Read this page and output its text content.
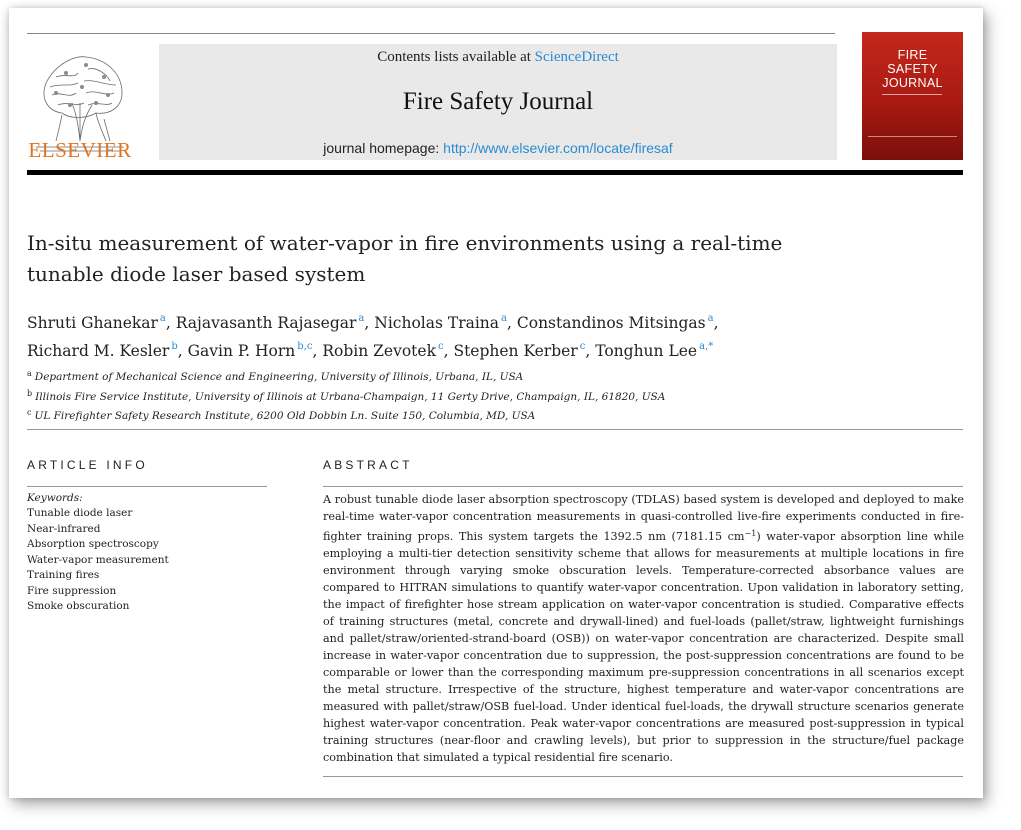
ELSEVIER
Contents lists available at ScienceDirect
Fire Safety Journal
journal homepage: http://www.elsevier.com/locate/firesaf
FIRE
SAFETY
JOURNAL
In-situ measurement of water-vapor in fire environments using a real-time
tunable diode laser based system
Shruti Ghanekar $^a$, Rajavasanth Rajasegar $^a$, Nicholas Traina $^a$, Constandinos Mitsingas $^a$,
Richard M. Kesler $^b$, Gavin P. Horn $^{b,c}$, Robin Zevotek $^c$, Stephen Kerber $^c$, Tonghun Lee $^{a,*}$
$^a$ Department of Mechanical Science and Engineering, University of Illinois, Urbana, IL, USA
$^b$ Illinois Fire Service Institute, University of Illinois at Urbana-Champaign, 11 Gerty Drive, Champaign, IL, 61820, USA
$^c$ UL Firefighter Safety Research Institute, 6200 Old Dobbin Ln. Suite 150, Columbia, MD, USA
ARTICLE INFO	ABSTRACT
Keywords:
Tunable diode laser
Near-infrared
Absorption spectroscopy
Water-vapor measurement
Training fires
Fire suppression
Smoke obscuration

A robust tunable diode laser absorption spectroscopy (TDLAS) based system is developed and deployed to make real-time water-vapor concentration measurements in quasi-controlled live-fire experiments conducted in fire-fighter training props. This system targets the 1392.5 nm (7181.15 $cm^{-1}$) water-vapor absorption line while employing a multi-tier detection sensitivity scheme that allows for measurements at multiple locations in fire environment through varying smoke obscuration levels. Temperature-corrected absorbance values are compared to HITRAN simulations to quantify water-vapor concentration. Upon validation in laboratory setting, the impact of firefighter hose stream application on water-vapor concentration is studied. Comparative effects of training structures (metal, concrete and drywall-lined) and fuel-loads (pallet/straw, lightweight furnishings and pallet/straw/oriented-strand-board (OSB)) on water-vapor concentration are characterized. Despite small increase in water-vapor concentration due to suppression, the post-suppression concentrations are found to be comparable or lower than the corresponding maximum pre-suppression concentrations in all scenarios except the metal structure. Irrespective of the structure, highest temperature and water-vapor concentrations are measured with pallet/straw/OSB fuel-load. Under identical fuel-loads, the drywall structure scenarios generate highest water-vapor concentration. Peak water-vapor concentrations are measured post-suppression in typical training structures (near-floor and crawling levels), but prior to suppression in the structure/fuel package combination that simulated a typical residential fire scenario.
